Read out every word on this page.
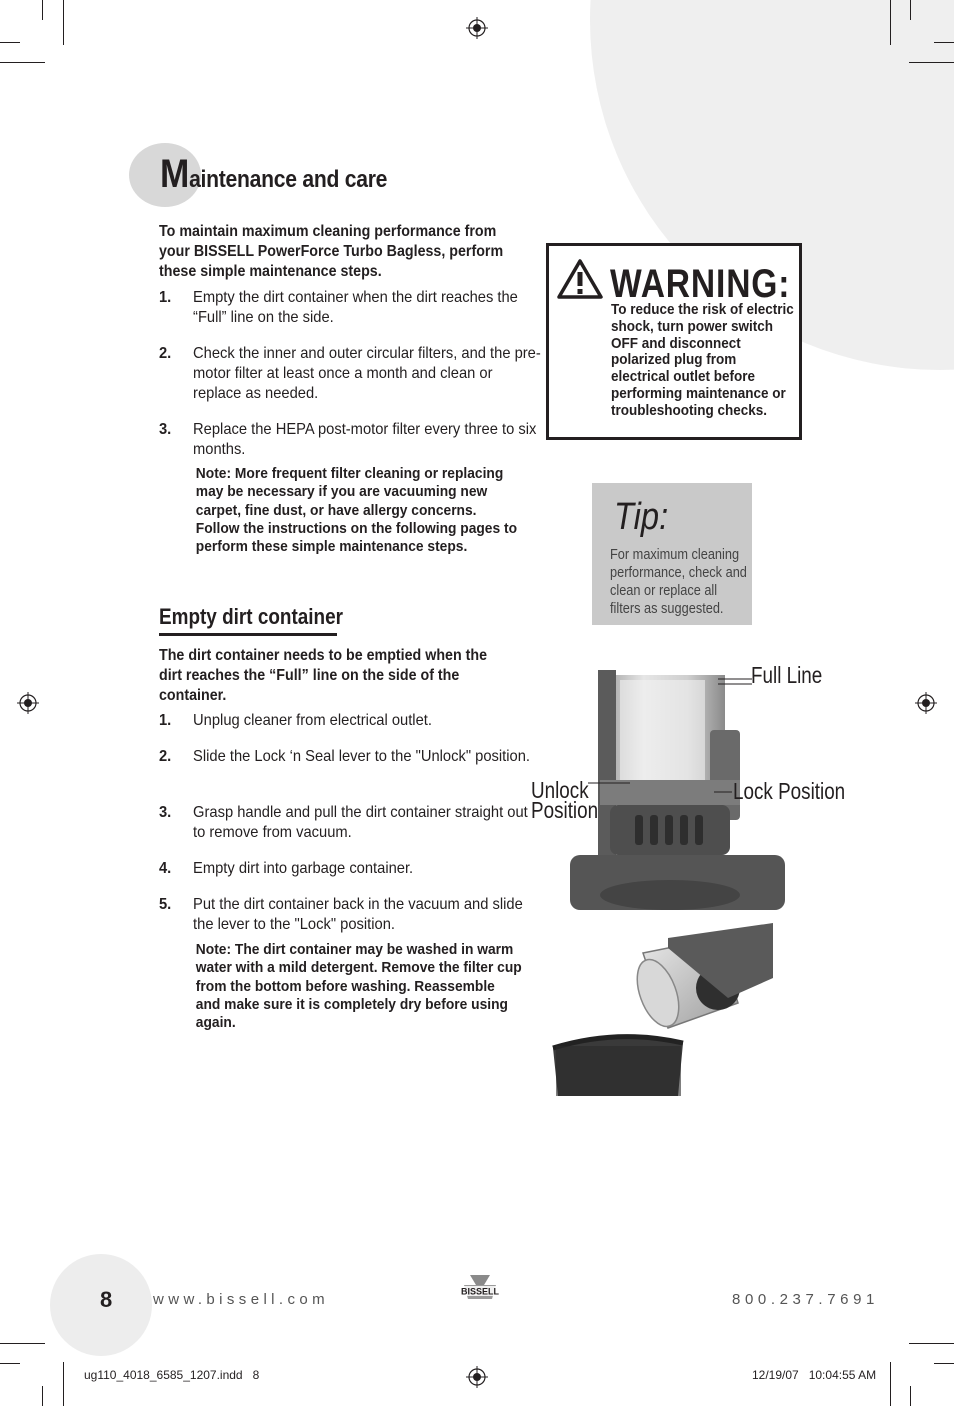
Maintenance and care
To maintain maximum cleaning performance from your BISSELL PowerForce Turbo Bagless, perform these simple maintenance steps.
1. Empty the dirt container when the dirt reaches the “Full” line on the side.
2. Check the inner and outer circular filters, and the pre-motor filter at least once a month and clean or replace as needed.
3. Replace the HEPA post-motor filter every three to six months.
Note: More frequent filter cleaning or replacing may be necessary if you are vacuuming new carpet, fine dust, or have allergy concerns. Follow the instructions on the following pages to perform these simple maintenance steps.
Empty dirt container
The dirt container needs to be emptied when the dirt reaches the “Full” line on the side of the container.
1. Unplug cleaner from electrical outlet.
2. Slide the Lock ‘n Seal lever to the "Unlock" position.
3. Grasp handle and pull the dirt container straight out to remove from vacuum.
4. Empty dirt into garbage container.
5. Put the dirt container back in the vacuum and slide the lever to the "Lock" position.
Note: The dirt container may be washed in warm water with a mild detergent. Remove the filter cup from the bottom before washing. Reassemble and make sure it is completely dry before using again.
WARNING:
To reduce the risk of electric shock, turn power switch OFF and disconnect polarized plug from electrical outlet before performing maintenance or troubleshooting checks.
Tip:
For maximum cleaning performance, check and clean or replace all filters as suggested.
Full Line
Unlock
Position
Lock Position
8	www.bissell.com	BISSELL	800.237.7691
ug110_4018_6585_1207.indd   8	12/19/07   10:04:55 AM
